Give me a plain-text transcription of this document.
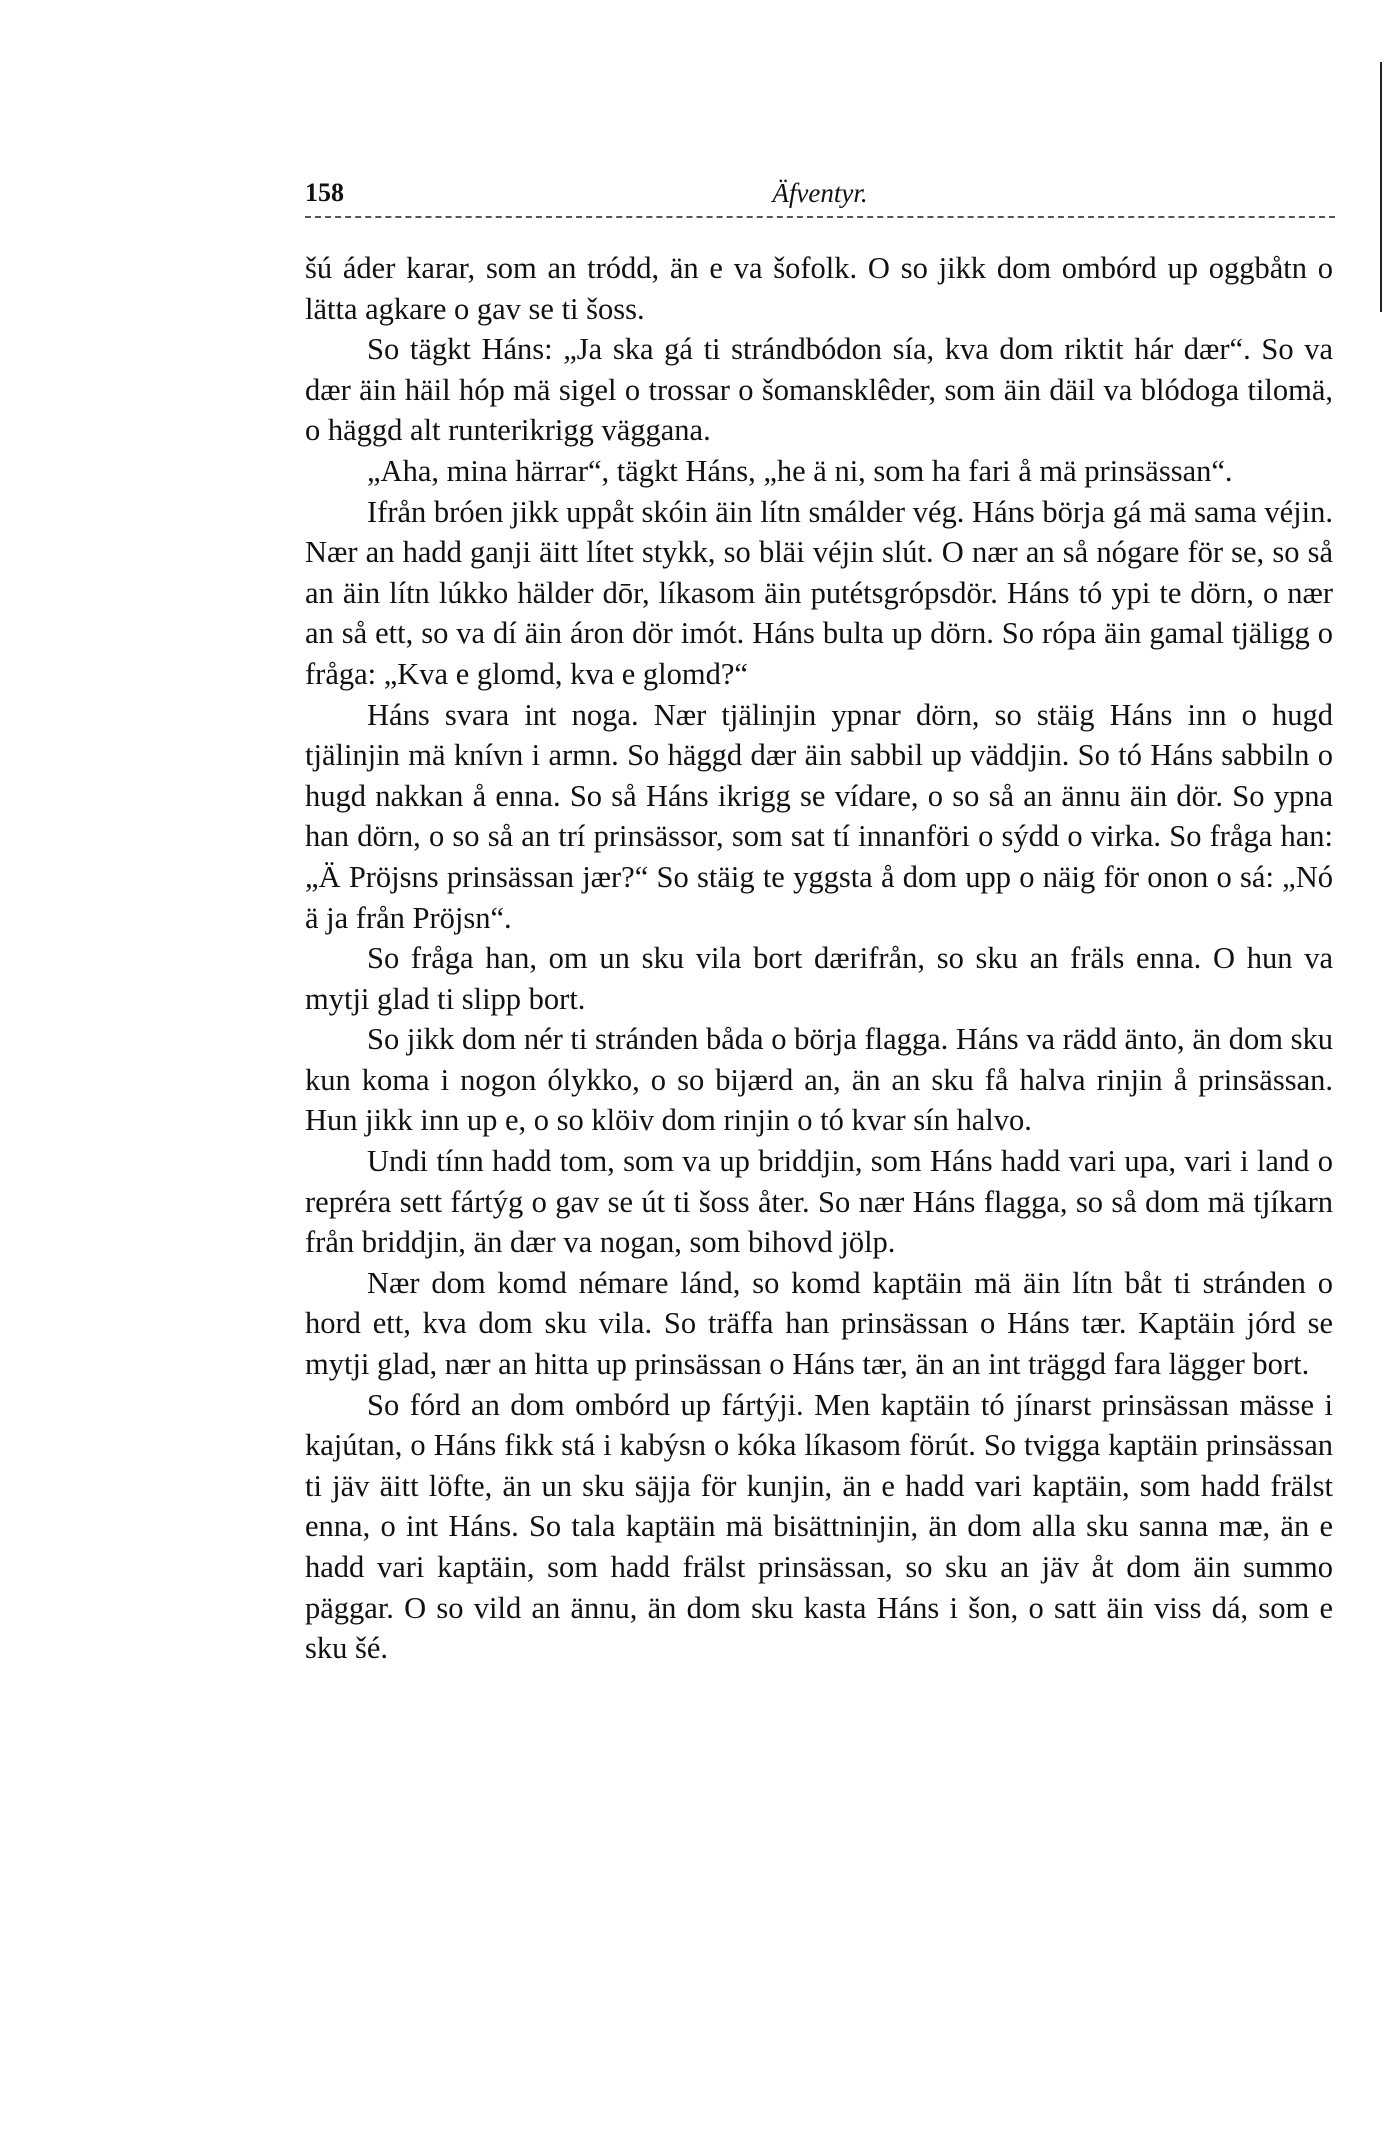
158	Äfventyr.

šú áder karar, som an tródd, än e va šofolk. O so jikk dom ombórd up oggbåtn o lätta agkare o gav se ti šoss.

So tägkt Háns: „Ja ska gá ti strándbódon sía, kva dom riktit hár dær“. So va dær äin häil hóp mä sigel o trossar o šomansklêder, som äin däil va blódoga tilomä, o häggd alt runterikrigg väggana.

„Aha, mina härrar“, tägkt Háns, „he ä ni, som ha fari å mä prinsässan“.

Ifrån bróen jikk uppåt skóin äin lítn smálder vég. Háns börja gá mä sama véjin. Nær an hadd ganji äitt lítet stykk, so bläi véjin slút. O nær an så nógare för se, so så an äin lítn lúkko hälder dōr, líkasom äin putétsgrópsdör. Háns tó ypi te dörn, o nær an så ett, so va dí äin áron dör imót. Háns bulta up dörn. So rópa äin gamal tjäligg o fråga: „Kva e glomd, kva e glomd?“

Háns svara int noga. Nær tjälinjin ypnar dörn, so stäig Háns inn o hugd tjälinjin mä knívn i armn. So häggd dær äin sabbil up väddjin. So tó Háns sabbiln o hugd nakkan å enna. So så Háns ikrigg se vídare, o so så an ännu äin dör. So ypna han dörn, o so så an trí prinsässor, som sat tí innanföri o sýdd o virka. So fråga han: „Ä Pröjsns prinsässan jær?“ So stäig te yggsta å dom upp o näig för onon o sá: „Nó ä ja från Pröjsn“.

So fråga han, om un sku vila bort dærifrån, so sku an fräls enna. O hun va mytji glad ti slipp bort.

So jikk dom nér ti stránden båda o börja flagga. Háns va rädd änto, än dom sku kun koma i nogon ólykko, o so bijærd an, än an sku få halva rinjin å prinsässan. Hun jikk inn up e, o so klöiv dom rinjin o tó kvar sín halvo.

Undi tínn hadd tom, som va up briddjin, som Háns hadd vari upa, vari i land o repréra sett fártýg o gav se út ti šoss åter. So nær Háns flagga, so så dom mä tjíkarn från briddjin, än dær va nogan, som bihovd jölp.

Nær dom komd némare lánd, so komd kaptäin mä äin lítn båt ti stránden o hord ett, kva dom sku vila. So träffa han prinsässan o Háns tær. Kaptäin jórd se mytji glad, nær an hitta up prinsässan o Háns tær, än an int träggd fara lägger bort.

So fórd an dom ombórd up fártýji. Men kaptäin tó jínarst prinsässan mässe i kajútan, o Háns fikk stá i kabýsn o kóka líkasom förút. So tvigga kaptäin prinsässan ti jäv äitt löfte, än un sku säjja för kunjin, än e hadd vari kaptäin, som hadd frälst enna, o int Háns. So tala kaptäin mä bisättninjin, än dom alla sku sanna mæ, än e hadd vari kaptäin, som hadd frälst prinsässan, so sku an jäv åt dom äin summo päggar. O so vild an ännu, än dom sku kasta Háns i šon, o satt äin viss dá, som e sku šé.
